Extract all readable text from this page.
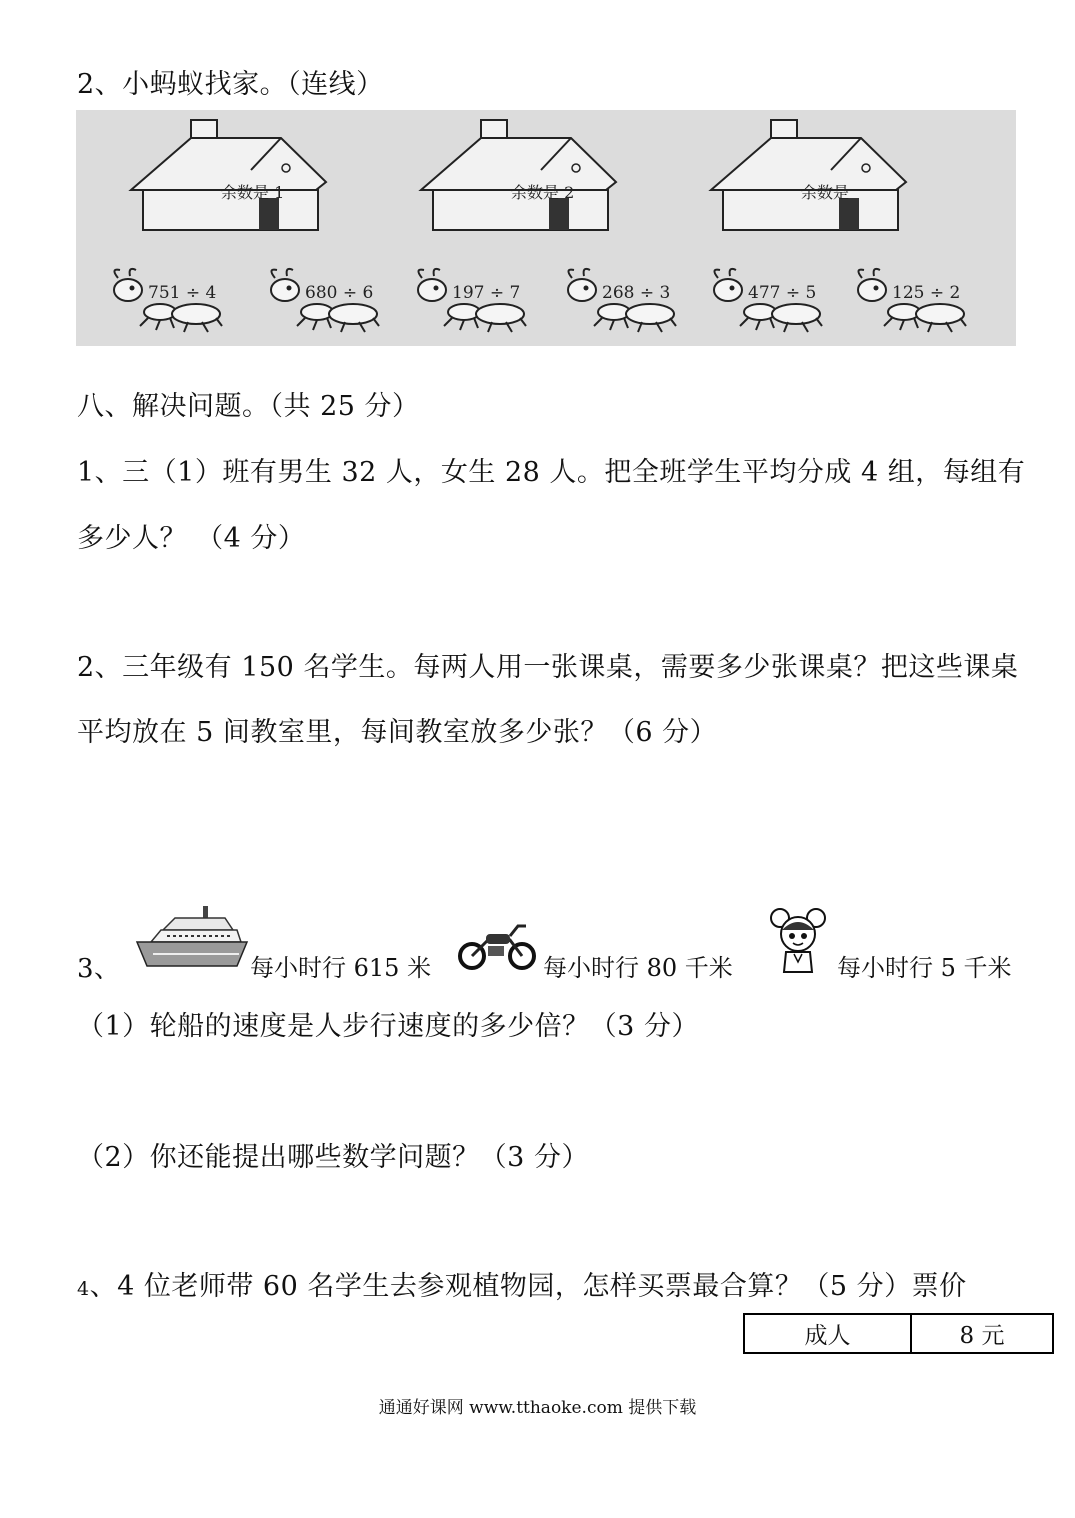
2、小蚂蚁找家。（连线）
余数是 1	余数是 2	余数是
751 ÷ 4	680 ÷ 6	197 ÷ 7	268 ÷ 3	477 ÷ 5	125 ÷ 2
八、解决问题。（共 25 分）
1、三（1）班有男生 32 人，女生 28 人。把全班学生平均分成 4 组，每组有
多少人？ （4 分）
2、三年级有 150 名学生。每两人用一张课桌，需要多少张课桌？把这些课桌
平均放在 5 间教室里，每间教室放多少张？（6 分）
3、	每小时行 615 米	每小时行 80 千米	每小时行 5 千米
（1）轮船的速度是人步行速度的多少倍？（3 分）
（2）你还能提出哪些数学问题？（3 分）
4、4 位老师带 60 名学生去参观植物园，怎样买票最合算？（5 分）票价
成人	8 元
通通好课网 www.tthaoke.com 提供下载
